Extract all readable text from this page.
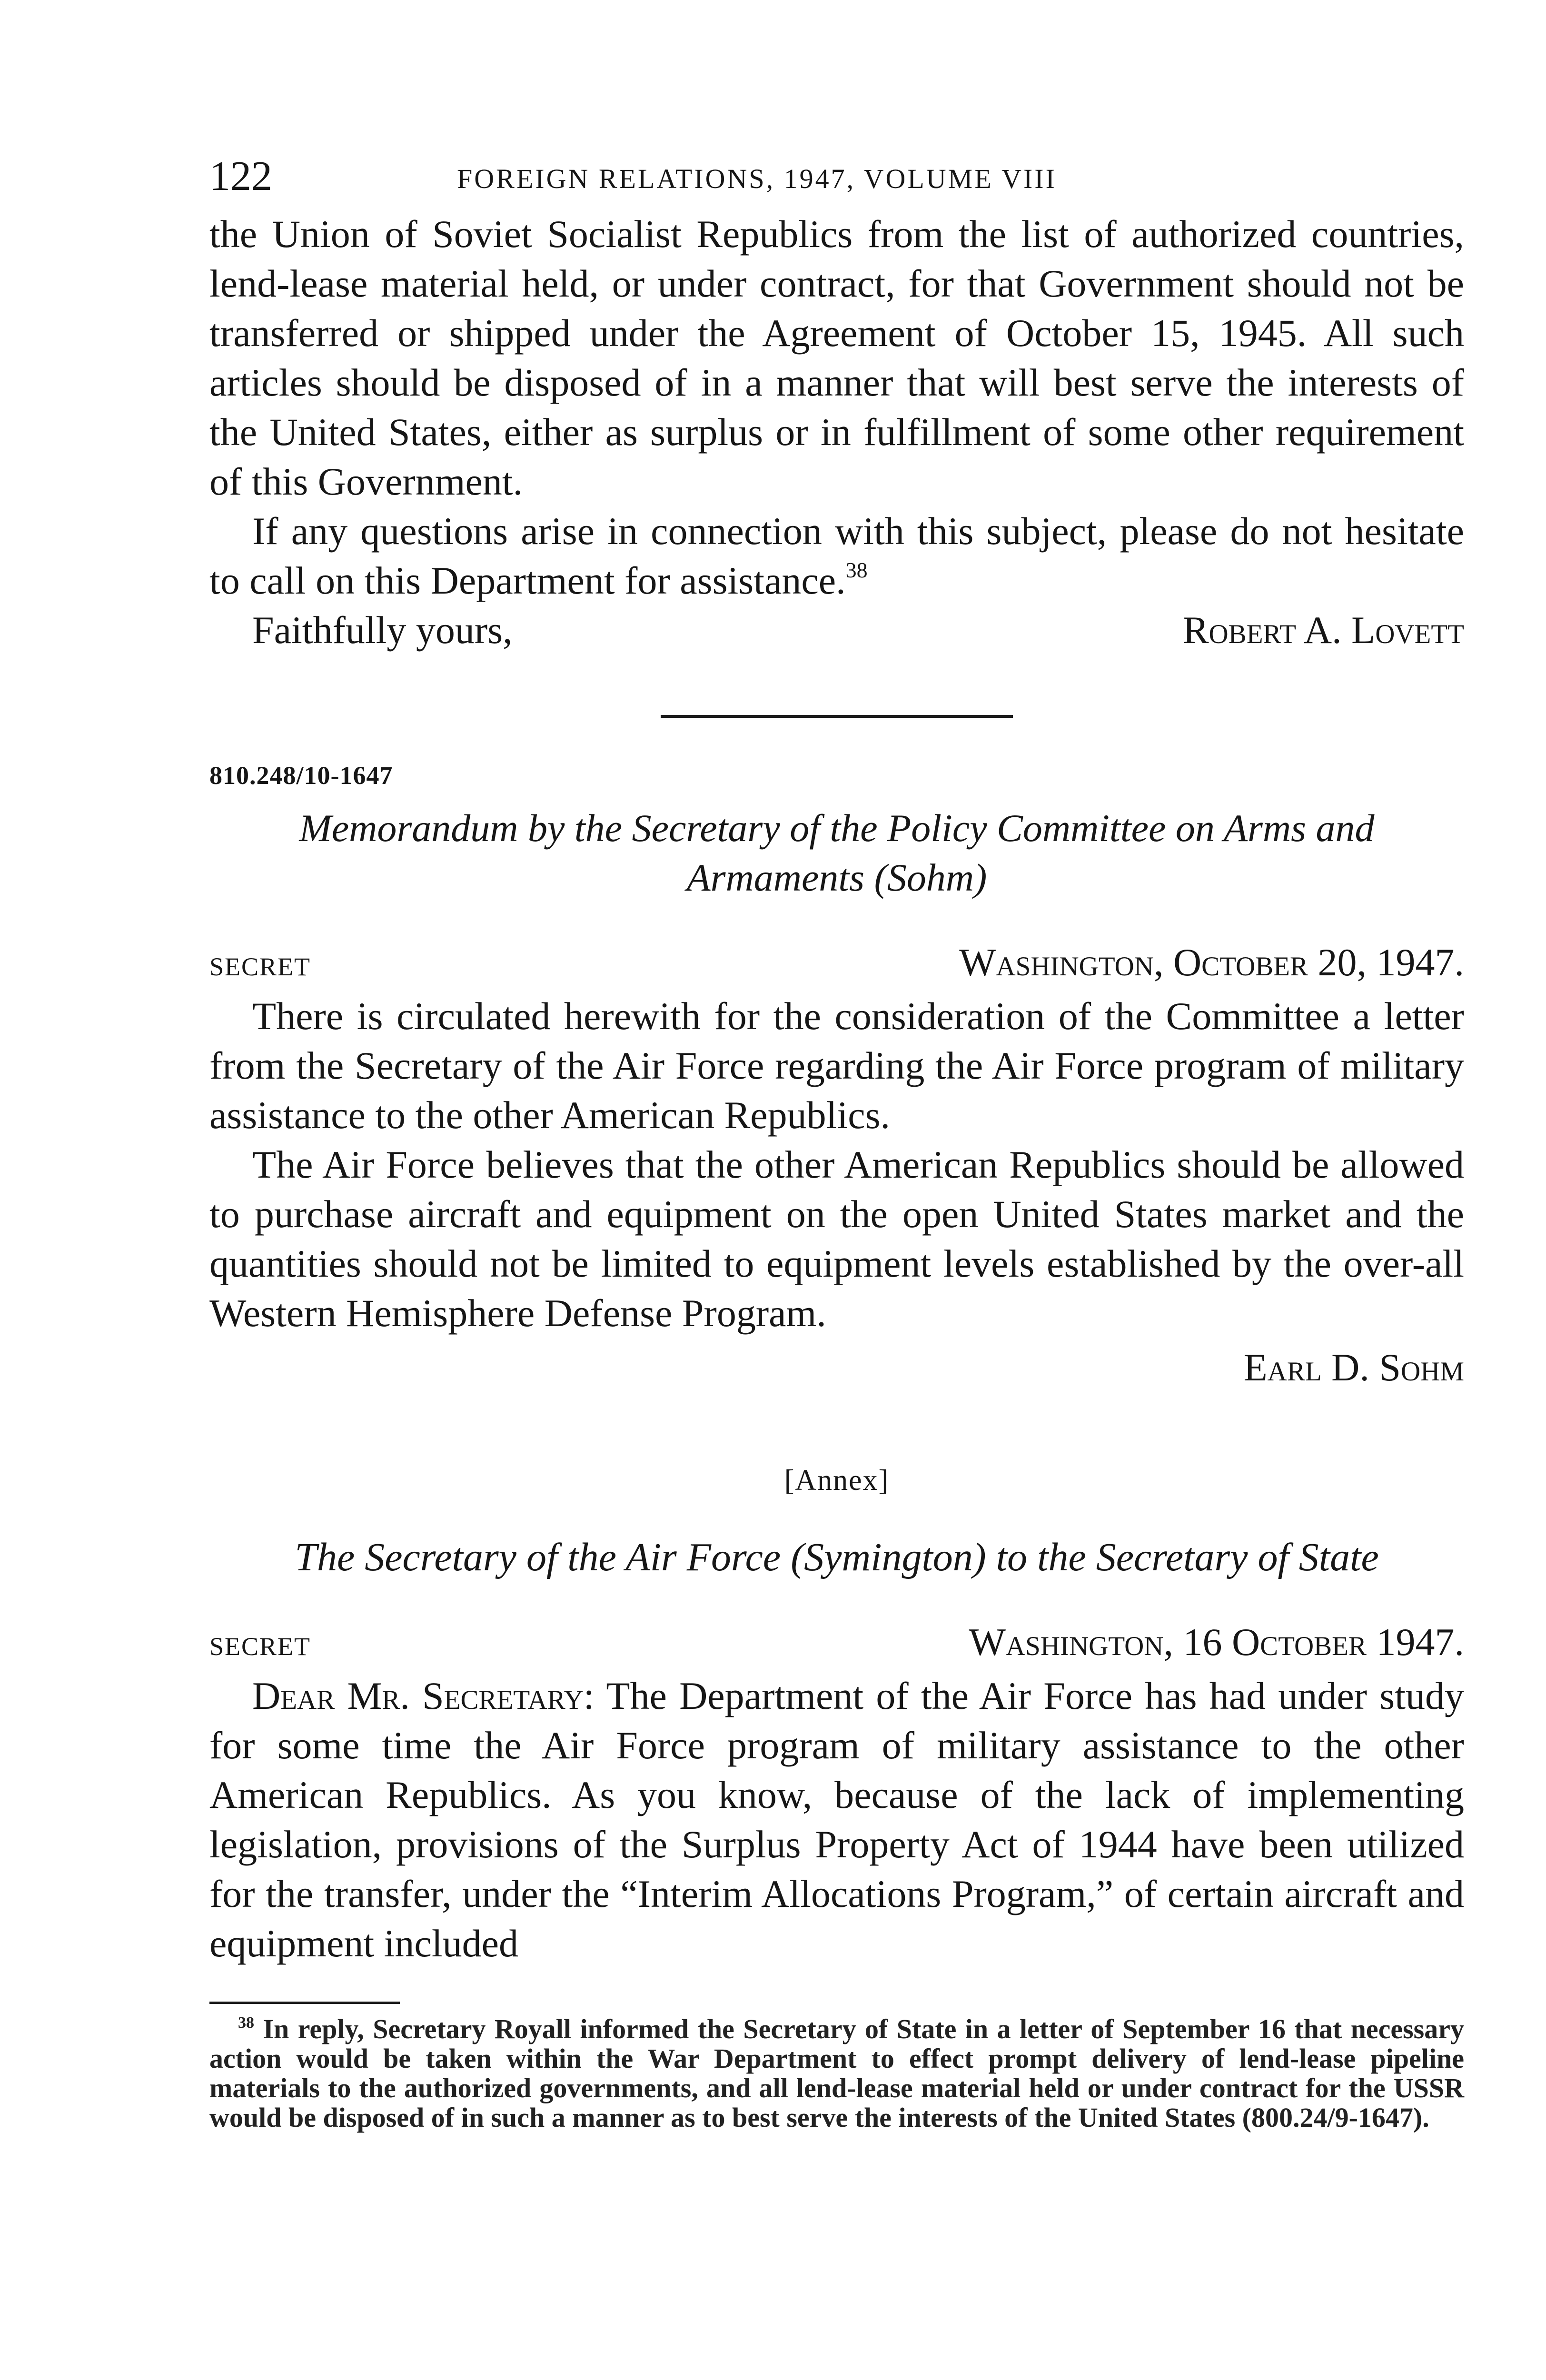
122	FOREIGN RELATIONS, 1947, VOLUME VIII

the Union of Soviet Socialist Republics from the list of authorized countries, lend-lease material held, or under contract, for that Government should not be transferred or shipped under the Agreement of October 15, 1945. All such articles should be disposed of in a manner that will best serve the interests of the United States, either as surplus or in fulfillment of some other requirement of this Government.

If any questions arise in connection with this subject, please do not hesitate to call on this Department for assistance.$^{38}$

Faithfully yours,	Robert A. Lovett
810.248/10-1647
Memorandum by the Secretary of the Policy Committee on Arms and Armaments (Sohm)
SECRET	Washington, October 20, 1947.

There is circulated herewith for the consideration of the Committee a letter from the Secretary of the Air Force regarding the Air Force program of military assistance to the other American Republics.

The Air Force believes that the other American Republics should be allowed to purchase aircraft and equipment on the open United States market and the quantities should not be limited to equipment levels established by the over-all Western Hemisphere Defense Program.

Earl D. Sohm
[Annex]
The Secretary of the Air Force (Symington) to the Secretary of State
SECRET	Washington, 16 October 1947.

Dear Mr. Secretary: The Department of the Air Force has had under study for some time the Air Force program of military assistance to the other American Republics. As you know, because of the lack of implementing legislation, provisions of the Surplus Property Act of 1944 have been utilized for the transfer, under the “Interim Allocations Program,” of certain aircraft and equipment included

$^{38}$ In reply, Secretary Royall informed the Secretary of State in a letter of September 16 that necessary action would be taken within the War Department to effect prompt delivery of lend-lease pipeline materials to the authorized governments, and all lend-lease material held or under contract for the USSR would be disposed of in such a manner as to best serve the interests of the United States (800.24/9-1647).
